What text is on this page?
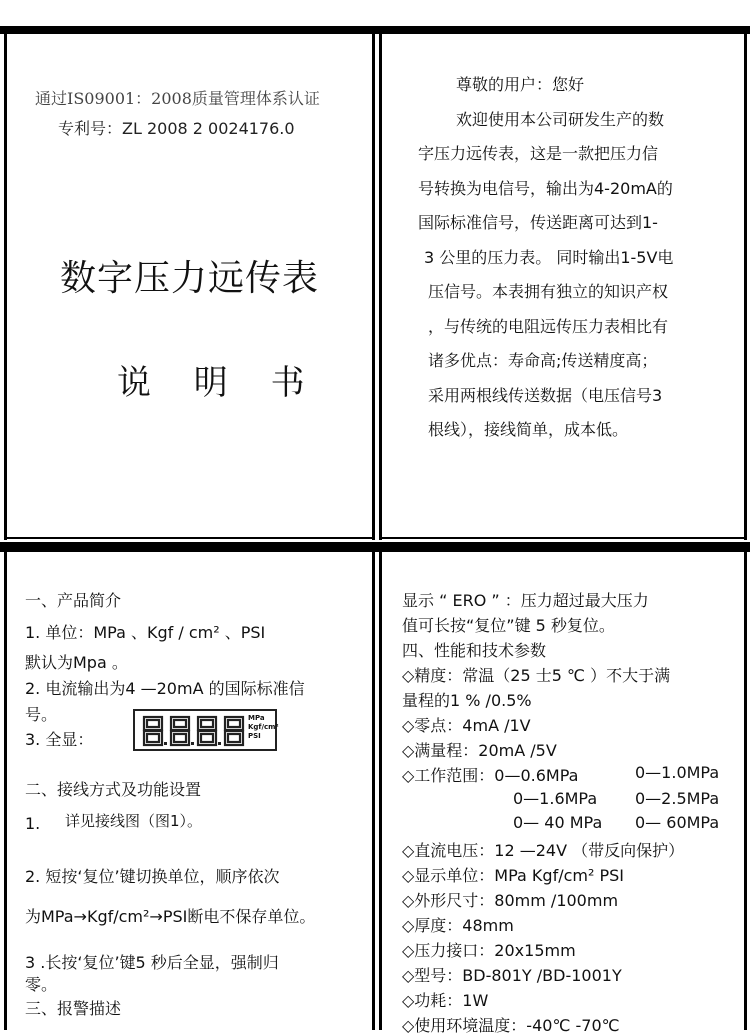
通过IS09001：2008质量管理体系认证
专利号：ZL 2008 2 0024176.0
数字压力远传表
说 明 书
尊敬的用户：您好
欢迎使用本公司研发生产的数
字压力远传表，这是一款把压力信
号转换为电信号，输出为4-20mA的
国际标准信号，传送距离可达到1-
3 公里的压力表。 同时输出1-5V电
压信号。本表拥有独立的知识产权
，与传统的电阻远传压力表相比有
诸多优点：寿命高;传送精度高；
采用两根线传送数据（电压信号3
根线），接线简单，成本低。
一、产品简介
1. 单位：MPa 、Kgf / cm² 、PSI
默认为Mpa 。
2. 电流输出为4 —20mA 的国际标准信
号。
3. 全显：
8.8.8.8	MPa
Kgf/cm²
PSI
二、接线方式及功能设置
1. 详见接线图（图1）。
2. 短按‘复位’键切换单位，顺序依次
为MPa→Kgf/cm²→PSI断电不保存单位。
3 .长按‘复位’键5 秒后全显，强制归
零。
三、报警描述
显示 “ ERO ” ：压力超过最大压力
值可长按“复位”键 5 秒复位。
四、性能和技术参数
◇精度：常温（25 士5 ℃ ）不大于满
量程的1 % /0.5%
◇零点：4mA /1V
◇满量程：20mA /5V
◇工作范围：0—0.6MPa	0—1.0MPa
0—1.6MPa 0—2.5MPa
0— 40 MPa 0— 60MPa
◇直流电压：12 —24V （带反向保护）
◇显示单位：MPa Kgf/cm² PSI
◇外形尺寸：80mm /100mm
◇厚度：48mm
◇压力接口：20x15mm
◇型号：BD-801Y /BD-1001Y
◇功耗：1W
◇使用环境温度：-40℃ -70℃
